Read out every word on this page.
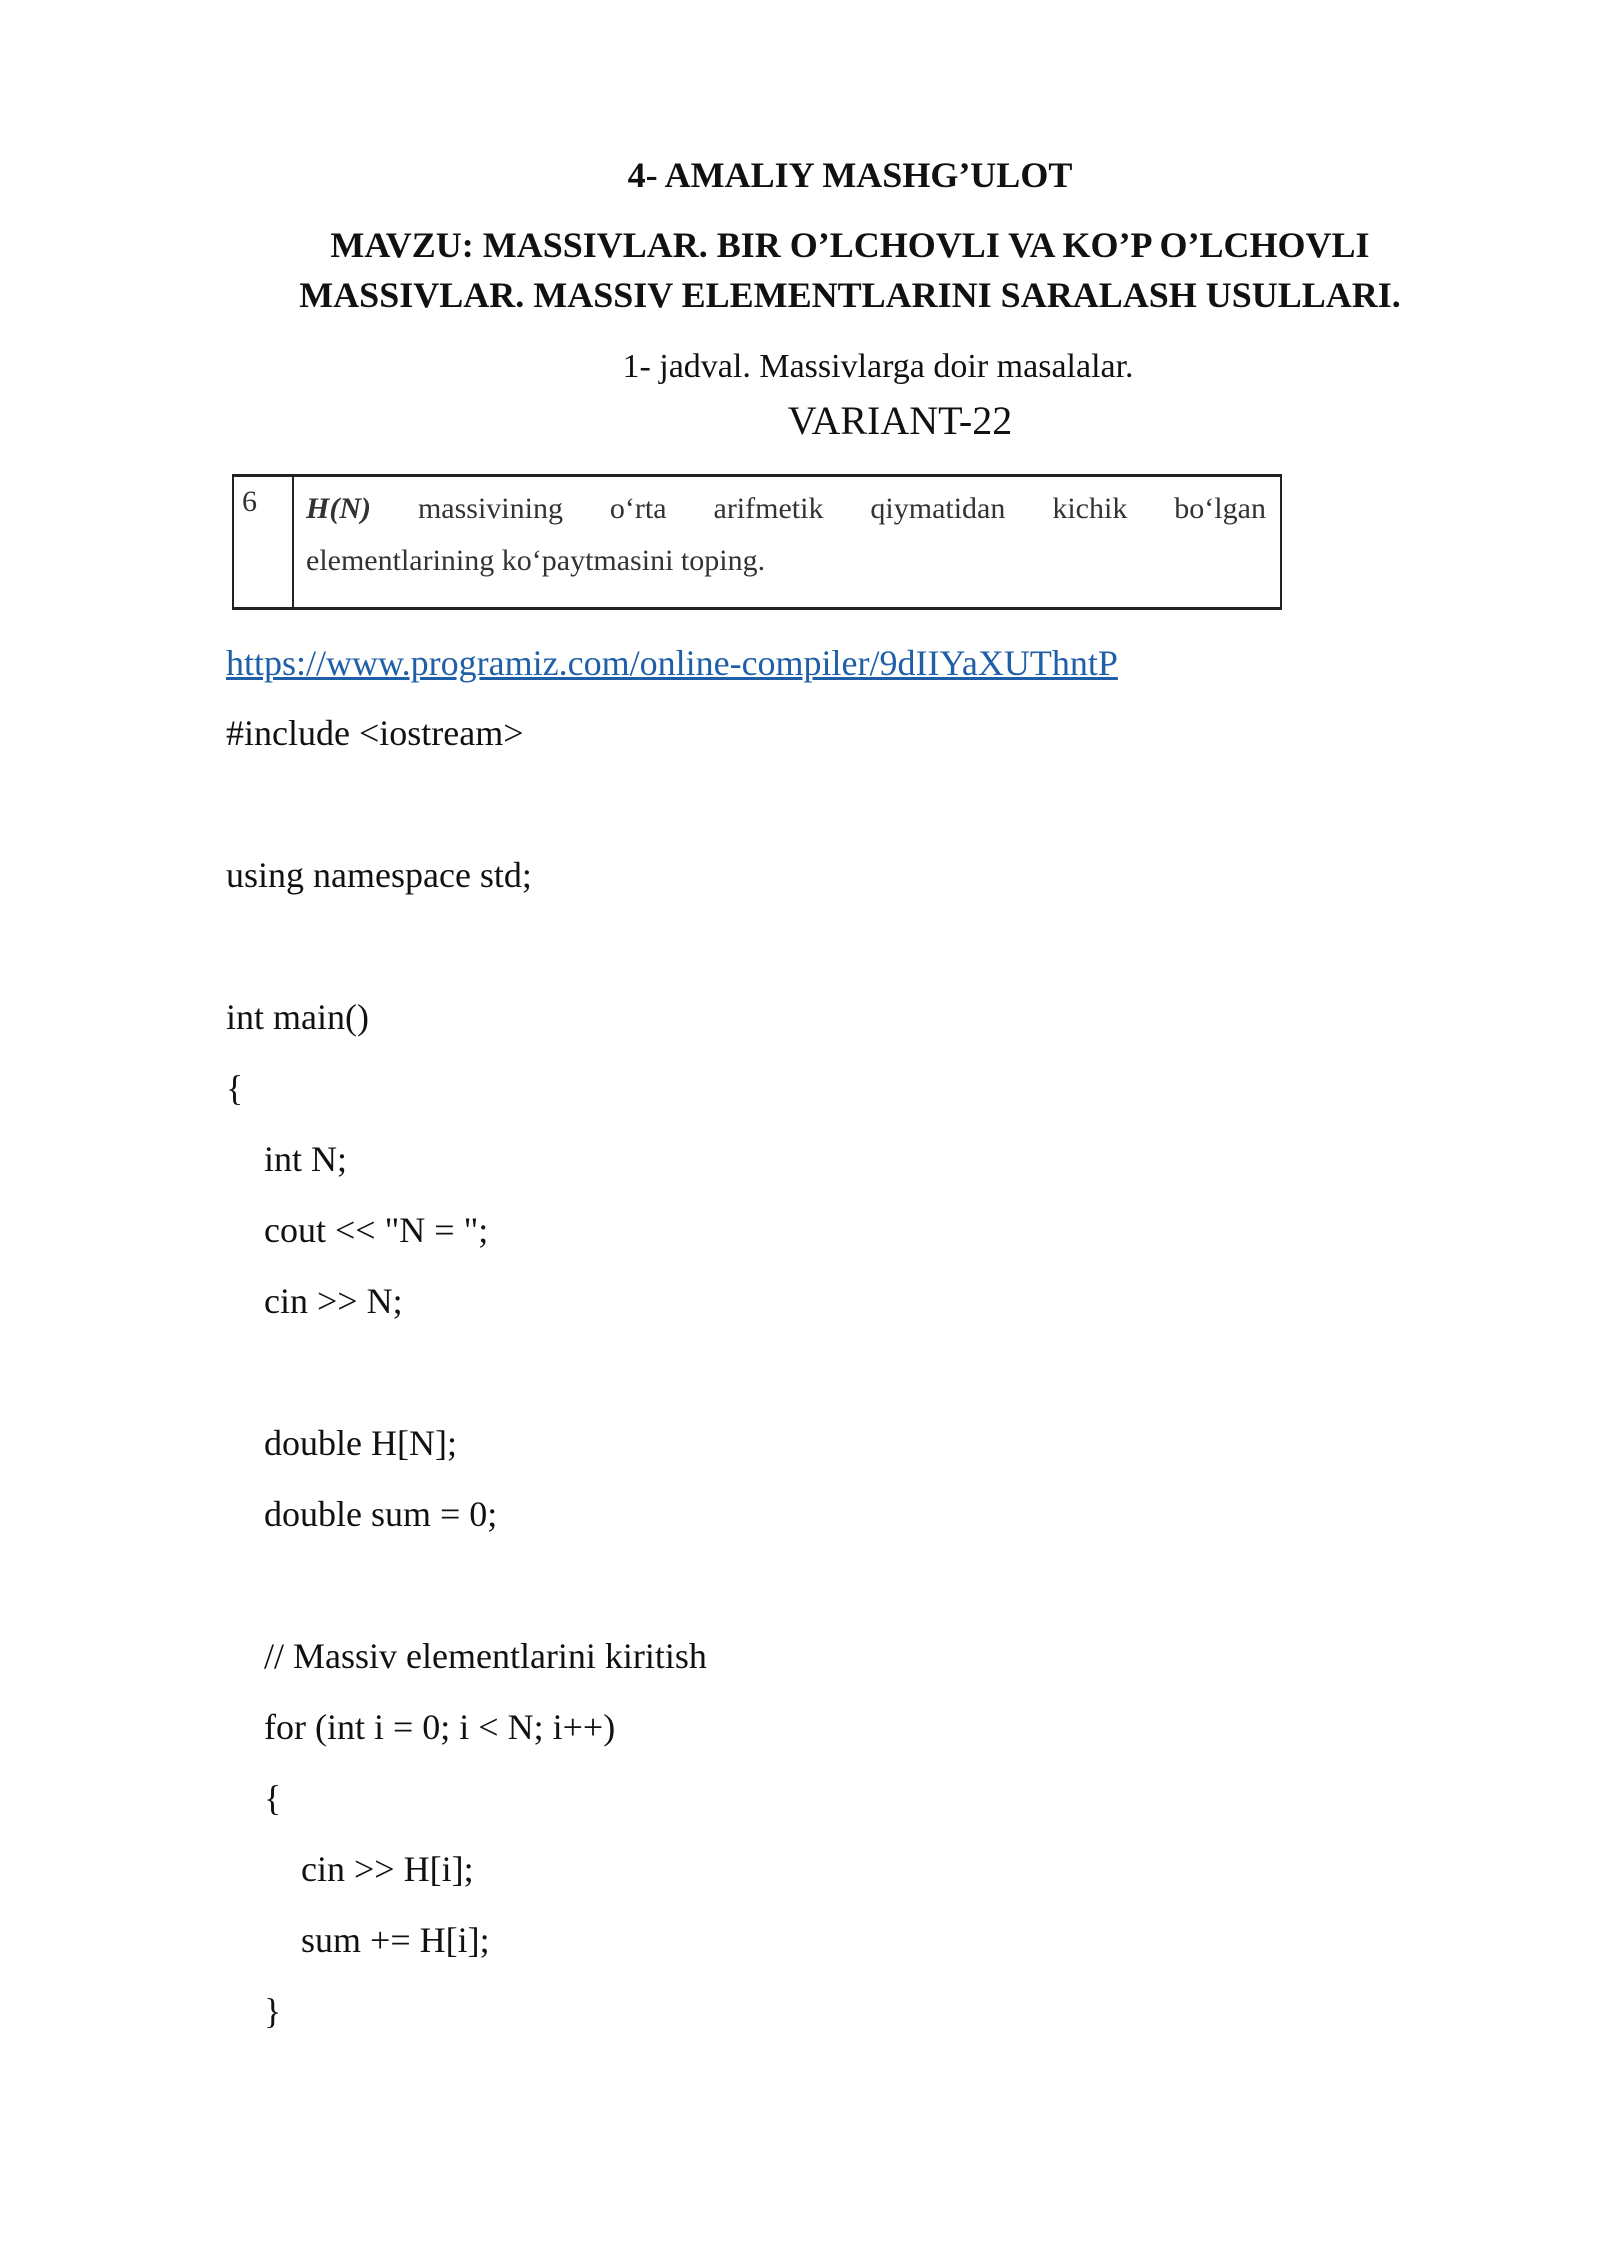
4- AMALIY MASHG’ULOT
MAVZU: MASSIVLAR. BIR O’LCHOVLI VA KO’P O’LCHOVLI
MASSIVLAR. MASSIV ELEMENTLARINI SARALASH USULLARI.
1- jadval. Massivlarga doir masalalar.
VARIANT-22
6	H(N) massivining o‘rta arifmetik qiymatidan kichik bo‘lgan
elementlarining ko‘paytmasini toping.
https://www.programiz.com/online-compiler/9dIIYaXUThntP
#include <iostream>
using namespace std;
int main()
{
int N;
cout << "N = ";
cin >> N;
double H[N];
double sum = 0;
// Massiv elementlarini kiritish
for (int i = 0; i < N; i++)
{
cin >> H[i];
sum += H[i];
}
